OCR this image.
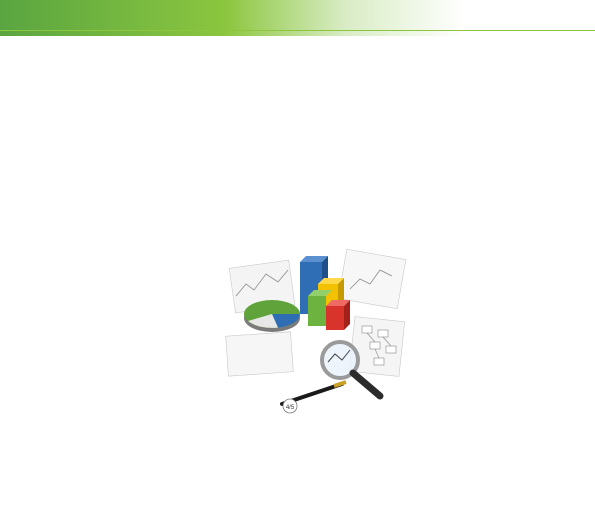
4/5
